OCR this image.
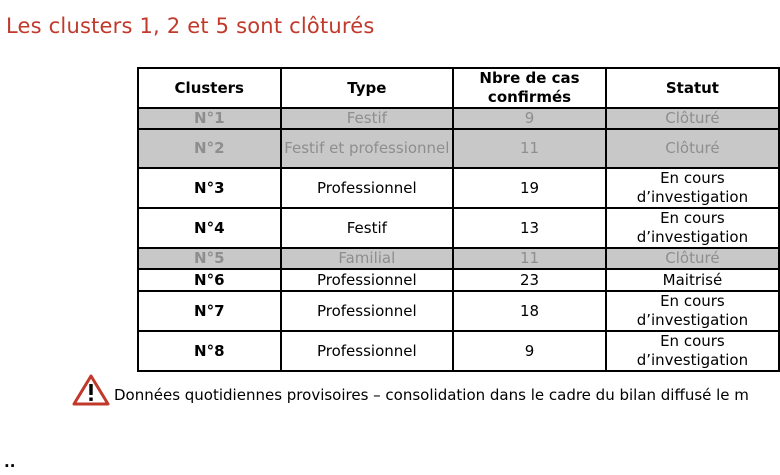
Les clusters 1, 2 et 5 sont clôturés
Clusters	Type	Nbre de cas confirmés	Statut
N°1	Festif	9	Clôturé
N°2	Festif et professionnel	11	Clôturé
N°3	Professionnel	19	En cours d’investigation
N°4	Festif	13	En cours d’investigation
N°5	Familial	11	Clôturé
N°6	Professionnel	23	Maitrisé
N°7	Professionnel	18	En cours d’investigation
N°8	Professionnel	9	En cours d’investigation
Données quotidiennes provisoires – consolidation dans le cadre du bilan diffusé le m
··
